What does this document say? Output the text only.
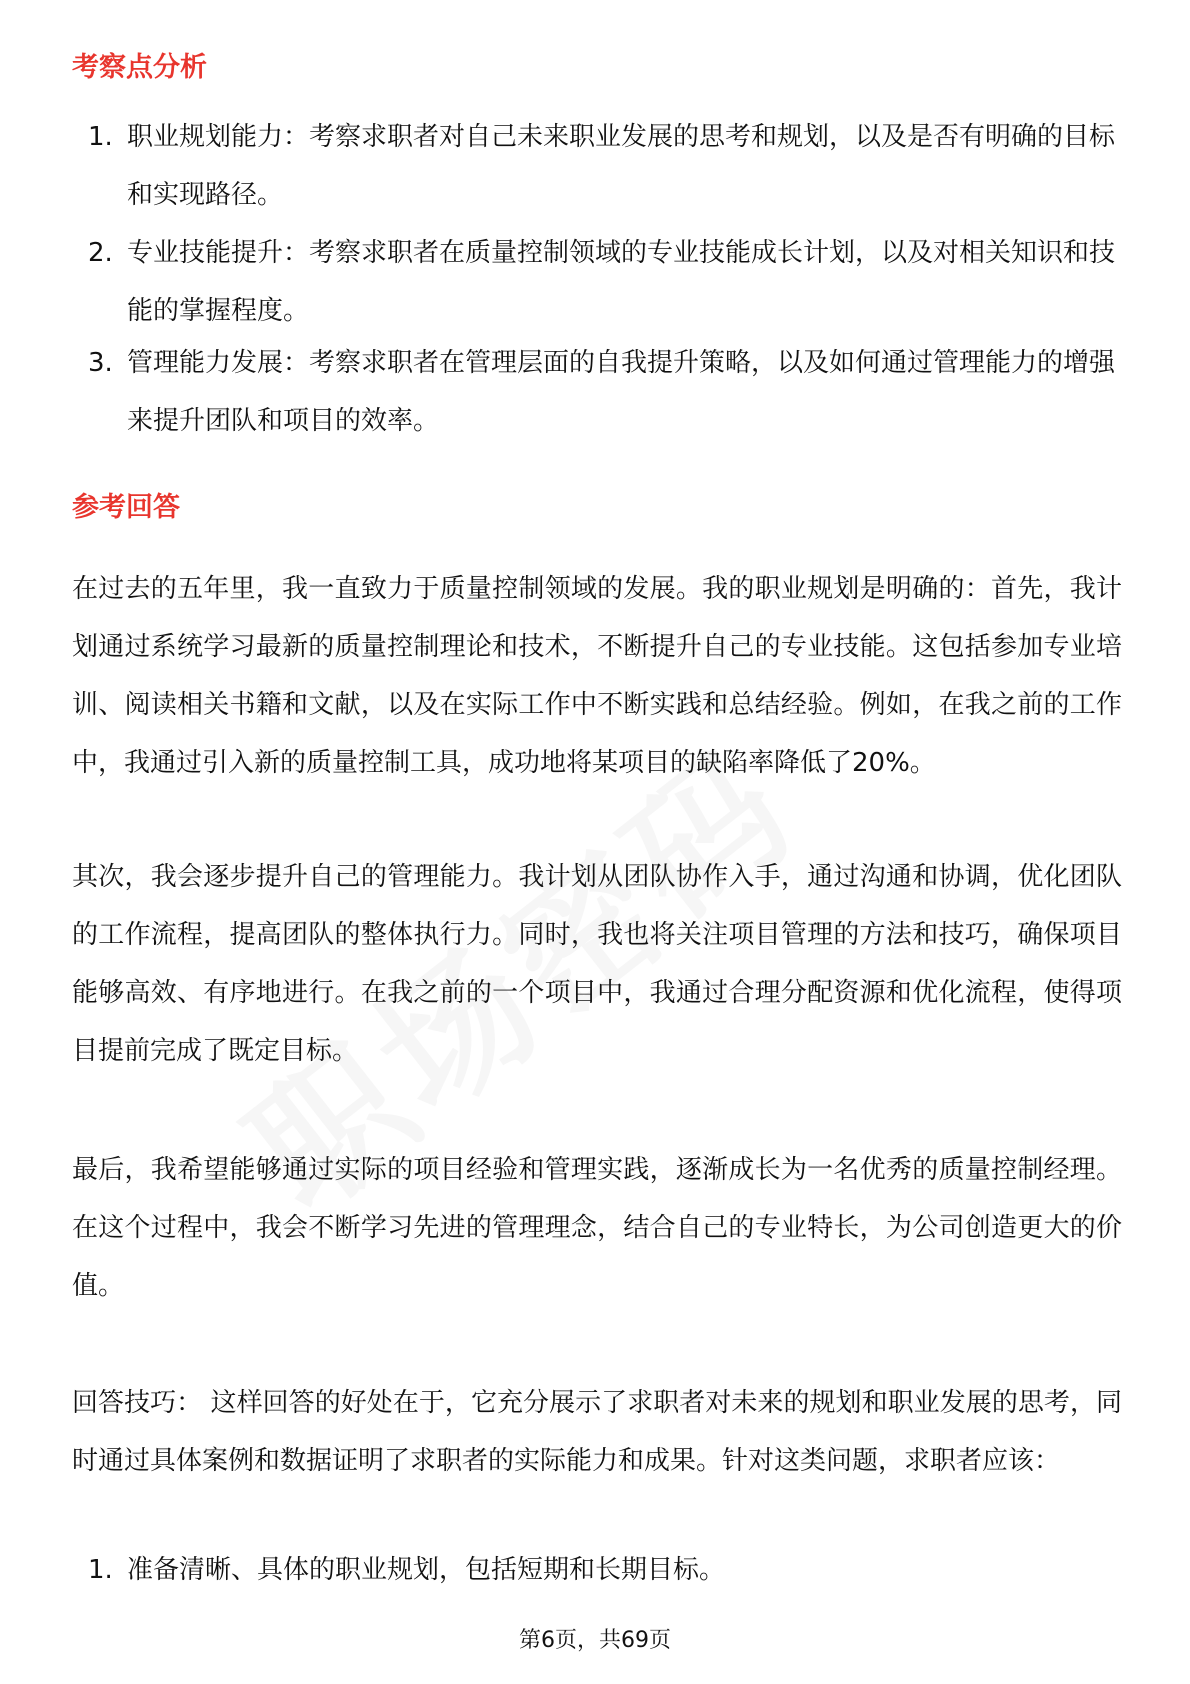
考察点分析
1. 职业规划能力：考察求职者对自己未来职业发展的思考和规划，以及是否有明确的目标和实现路径。
2. 专业技能提升：考察求职者在质量控制领域的专业技能成长计划，以及对相关知识和技能的掌握程度。
3. 管理能力发展：考察求职者在管理层面的自我提升策略，以及如何通过管理能力的增强来提升团队和项目的效率。
参考回答

在过去的五年里，我一直致力于质量控制领域的发展。我的职业规划是明确的：首先，我计划通过系统学习最新的质量控制理论和技术，不断提升自己的专业技能。这包括参加专业培训、阅读相关书籍和文献，以及在实际工作中不断实践和总结经验。例如，在我之前的工作中，我通过引入新的质量控制工具，成功地将某项目的缺陷率降低了20%。

其次，我会逐步提升自己的管理能力。我计划从团队协作入手，通过沟通和协调，优化团队的工作流程，提高团队的整体执行力。同时，我也将关注项目管理的方法和技巧，确保项目能够高效、有序地进行。在我之前的一个项目中，我通过合理分配资源和优化流程，使得项目提前完成了既定目标。

最后，我希望能够通过实际的项目经验和管理实践，逐渐成长为一名优秀的质量控制经理。在这个过程中，我会不断学习先进的管理理念，结合自己的专业特长，为公司创造更大的价值。

回答技巧： 这样回答的好处在于，它充分展示了求职者对未来的规划和职业发展的思考，同时通过具体案例和数据证明了求职者的实际能力和成果。针对这类问题，求职者应该：

1. 准备清晰、具体的职业规划，包括短期和长期目标。
第6页，共69页
